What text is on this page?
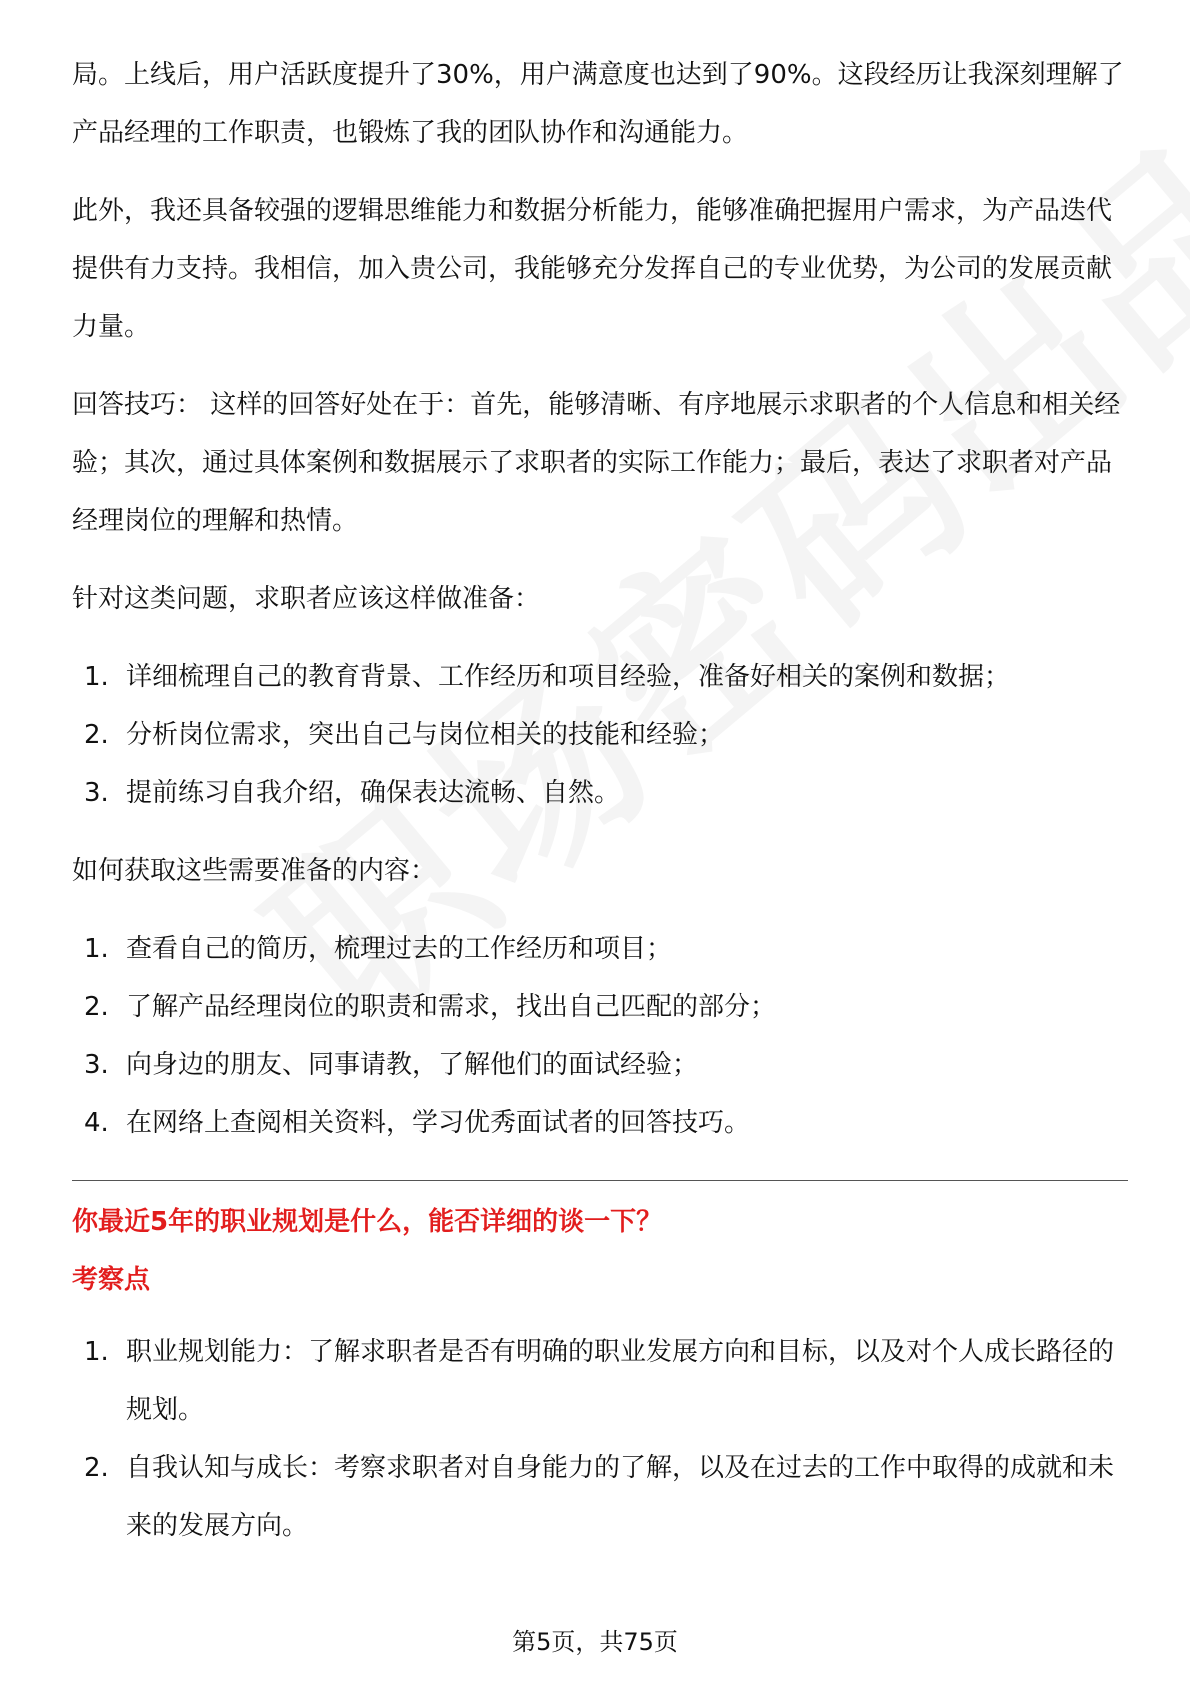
局。上线后，用户活跃度提升了30%，用户满意度也达到了90%。这段经历让我深刻理解了产品经理的工作职责，也锻炼了我的团队协作和沟通能力。

此外，我还具备较强的逻辑思维能力和数据分析能力，能够准确把握用户需求，为产品迭代提供有力支持。我相信，加入贵公司，我能够充分发挥自己的专业优势，为公司的发展贡献力量。

回答技巧： 这样的回答好处在于：首先，能够清晰、有序地展示求职者的个人信息和相关经验；其次，通过具体案例和数据展示了求职者的实际工作能力；最后，表达了求职者对产品经理岗位的理解和热情。

针对这类问题，求职者应该这样做准备：

1. 详细梳理自己的教育背景、工作经历和项目经验，准备好相关的案例和数据；
2. 分析岗位需求，突出自己与岗位相关的技能和经验；
3. 提前练习自我介绍，确保表达流畅、自然。

如何获取这些需要准备的内容：

1. 查看自己的简历，梳理过去的工作经历和项目；
2. 了解产品经理岗位的职责和需求，找出自己匹配的部分；
3. 向身边的朋友、同事请教，了解他们的面试经验；
4. 在网络上查阅相关资料，学习优秀面试者的回答技巧。

你最近5年的职业规划是什么，能否详细的谈一下？

考察点

1. 职业规划能力：了解求职者是否有明确的职业发展方向和目标，以及对个人成长路径的规划。
2. 自我认知与成长：考察求职者对自身能力的了解，以及在过去的工作中取得的成就和未来的发展方向。
第5页，共75页
